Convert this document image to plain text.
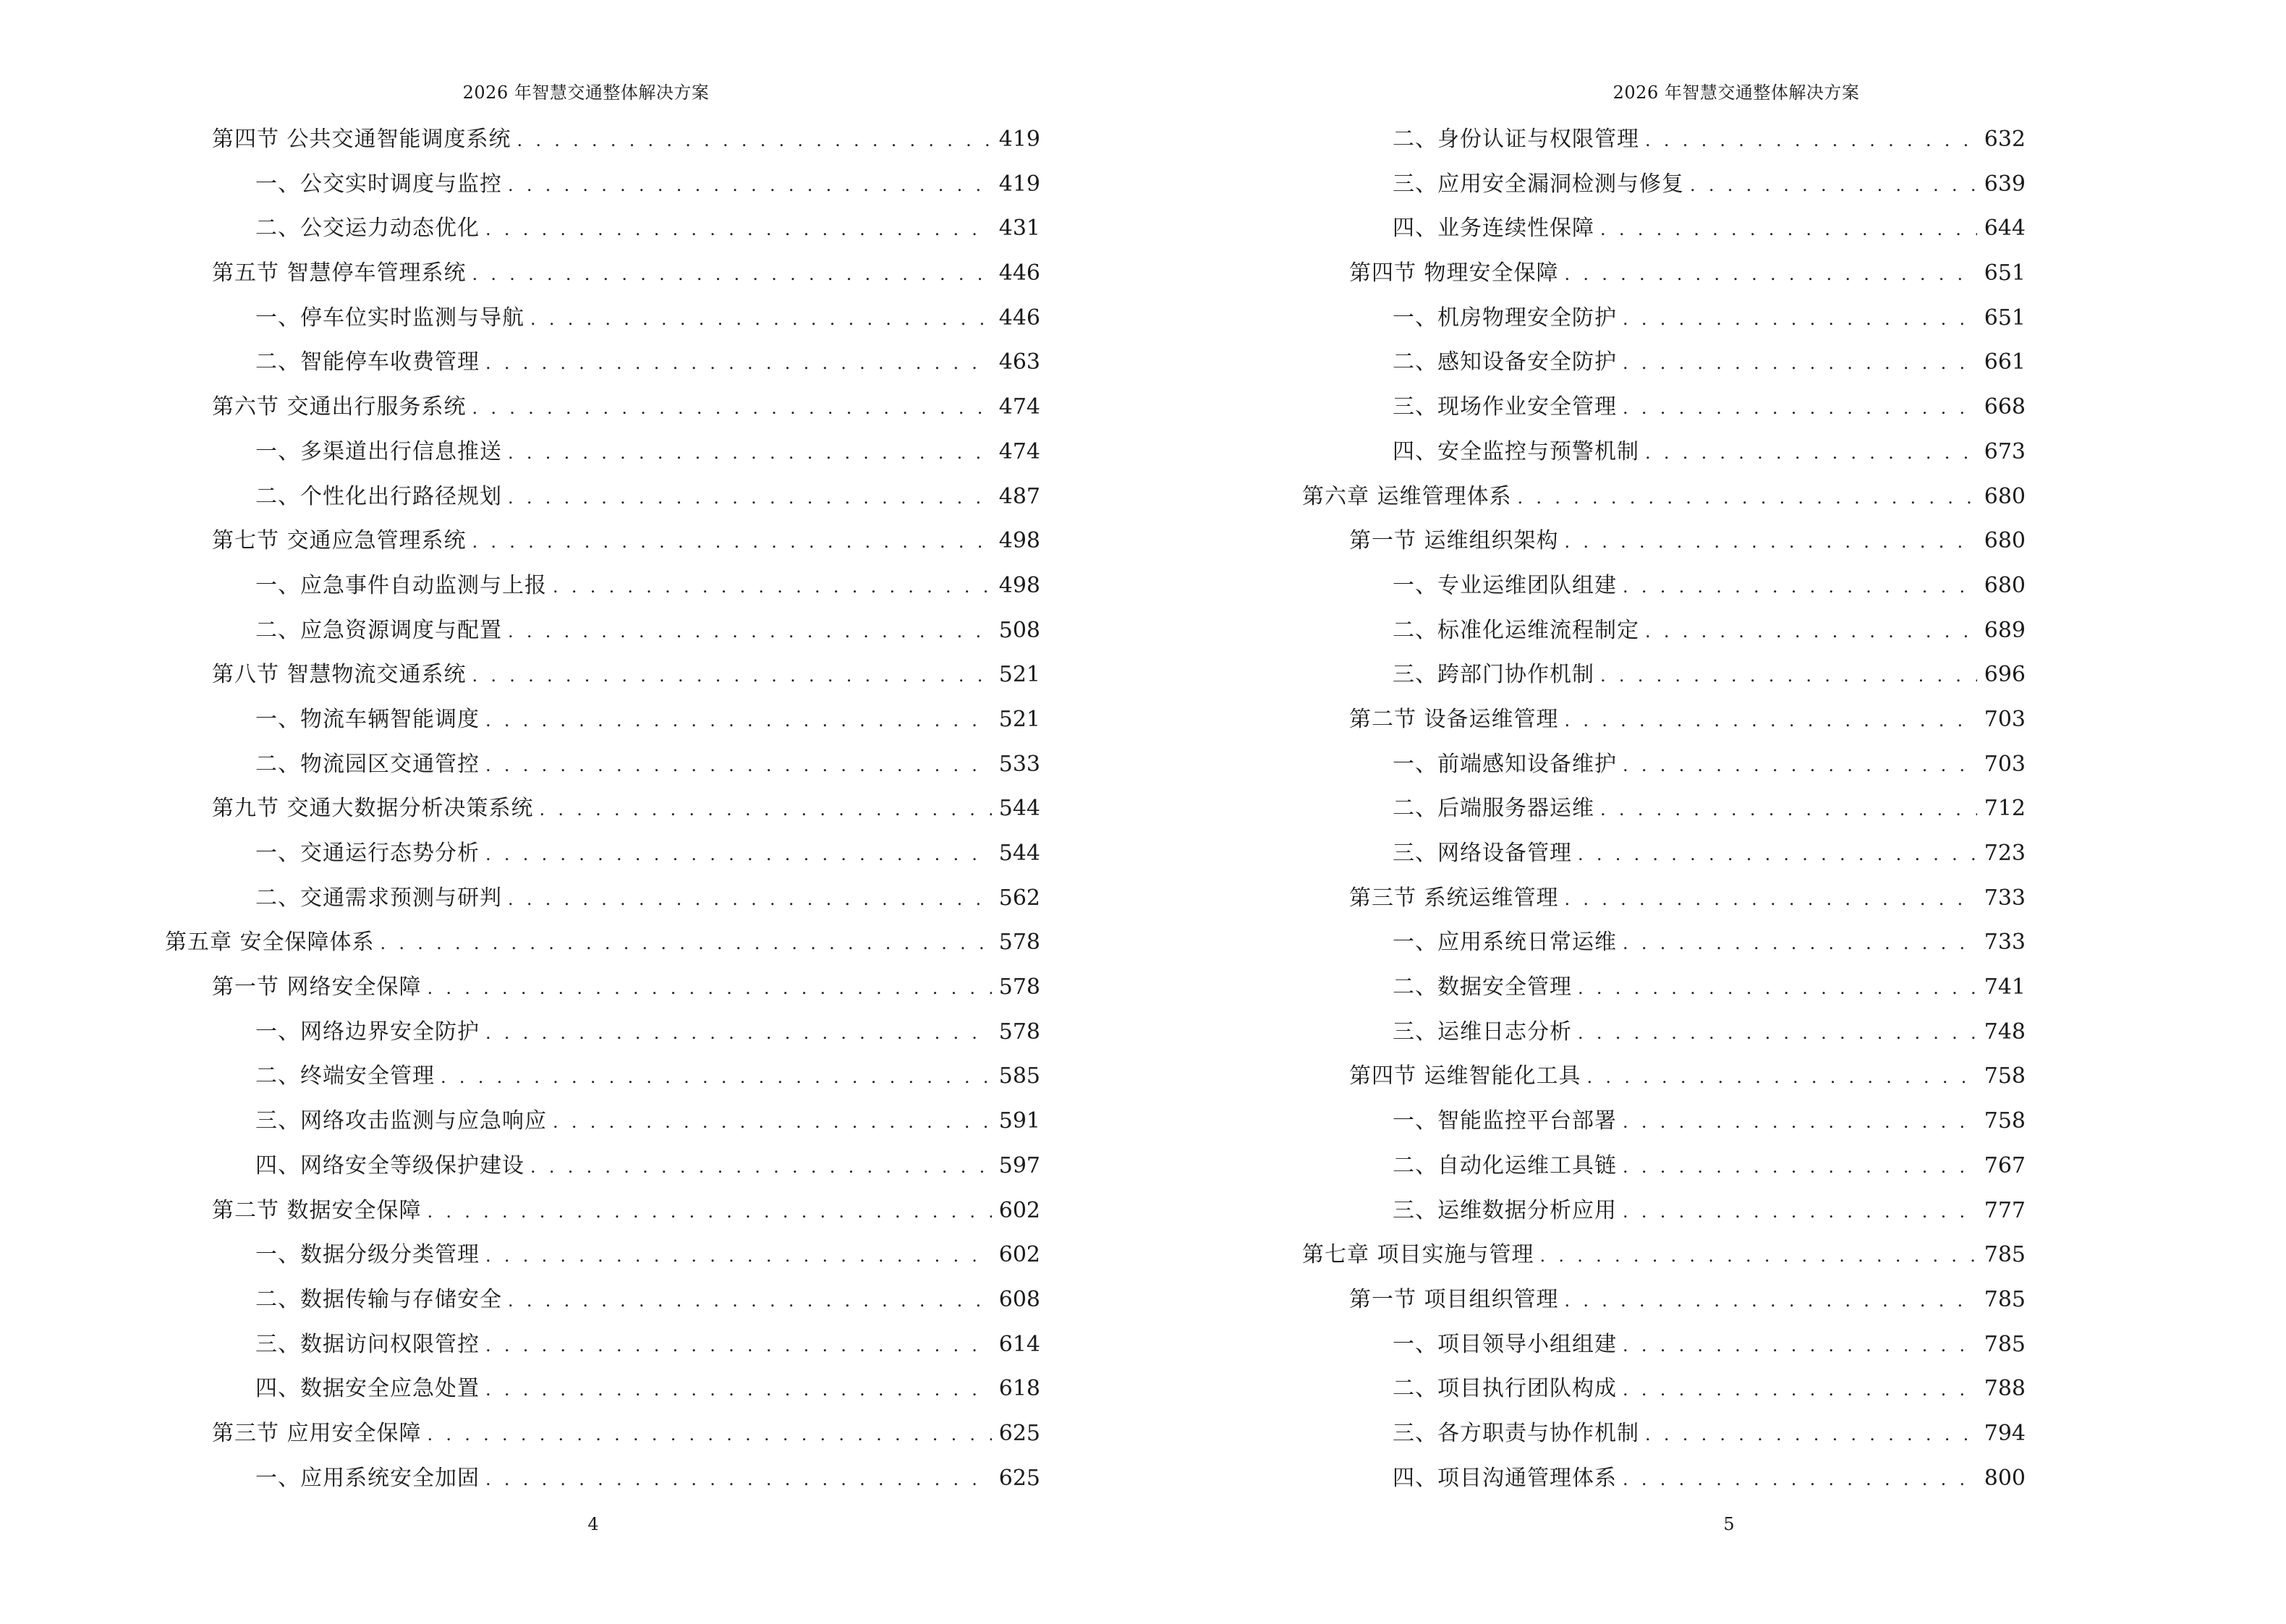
2026 年智慧交通整体解决方案
第四节 公共交通智能调度系统 . . .	419
一、公交实时调度与监控 . . .	419
二、公交运力动态优化 . . .	431
第五节 智慧停车管理系统 . . .	446
一、停车位实时监测与导航 . . .	446
二、智能停车收费管理 . . .	463
第六节 交通出行服务系统 . . .	474
一、多渠道出行信息推送 . . .	474
二、个性化出行路径规划 . . .	487
第七节 交通应急管理系统 . . .	498
一、应急事件自动监测与上报 . . .	498
二、应急资源调度与配置 . . .	508
第八节 智慧物流交通系统 . . .	521
一、物流车辆智能调度 . . .	521
二、物流园区交通管控 . . .	533
第九节 交通大数据分析决策系统 . . .	544
一、交通运行态势分析 . . .	544
二、交通需求预测与研判 . . .	562
第五章 安全保障体系 . . .	578
第一节 网络安全保障 . . .	578
一、网络边界安全防护 . . .	578
二、终端安全管理 . . .	585
三、网络攻击监测与应急响应 . . .	591
四、网络安全等级保护建设 . . .	597
第二节 数据安全保障 . . .	602
一、数据分级分类管理 . . .	602
二、数据传输与存储安全 . . .	608
三、数据访问权限管控 . . .	614
四、数据安全应急处置 . . .	618
第三节 应用安全保障 . . .	625
一、应用系统安全加固 . . .	625
4
2026 年智慧交通整体解决方案
二、身份认证与权限管理 . . .	632
三、应用安全漏洞检测与修复 . . .	639
四、业务连续性保障 . . .	644
第四节 物理安全保障 . . .	651
一、机房物理安全防护 . . .	651
二、感知设备安全防护 . . .	661
三、现场作业安全管理 . . .	668
四、安全监控与预警机制 . . .	673
第六章 运维管理体系 . . .	680
第一节 运维组织架构 . . .	680
一、专业运维团队组建 . . .	680
二、标准化运维流程制定 . . .	689
三、跨部门协作机制 . . .	696
第二节 设备运维管理 . . .	703
一、前端感知设备维护 . . .	703
二、后端服务器运维 . . .	712
三、网络设备管理 . . .	723
第三节 系统运维管理 . . .	733
一、应用系统日常运维 . . .	733
二、数据安全管理 . . .	741
三、运维日志分析 . . .	748
第四节 运维智能化工具 . . .	758
一、智能监控平台部署 . . .	758
二、自动化运维工具链 . . .	767
三、运维数据分析应用 . . .	777
第七章 项目实施与管理 . . .	785
第一节 项目组织管理 . . .	785
一、项目领导小组组建 . . .	785
二、项目执行团队构成 . . .	788
三、各方职责与协作机制 . . .	794
四、项目沟通管理体系 . . .	800
5
